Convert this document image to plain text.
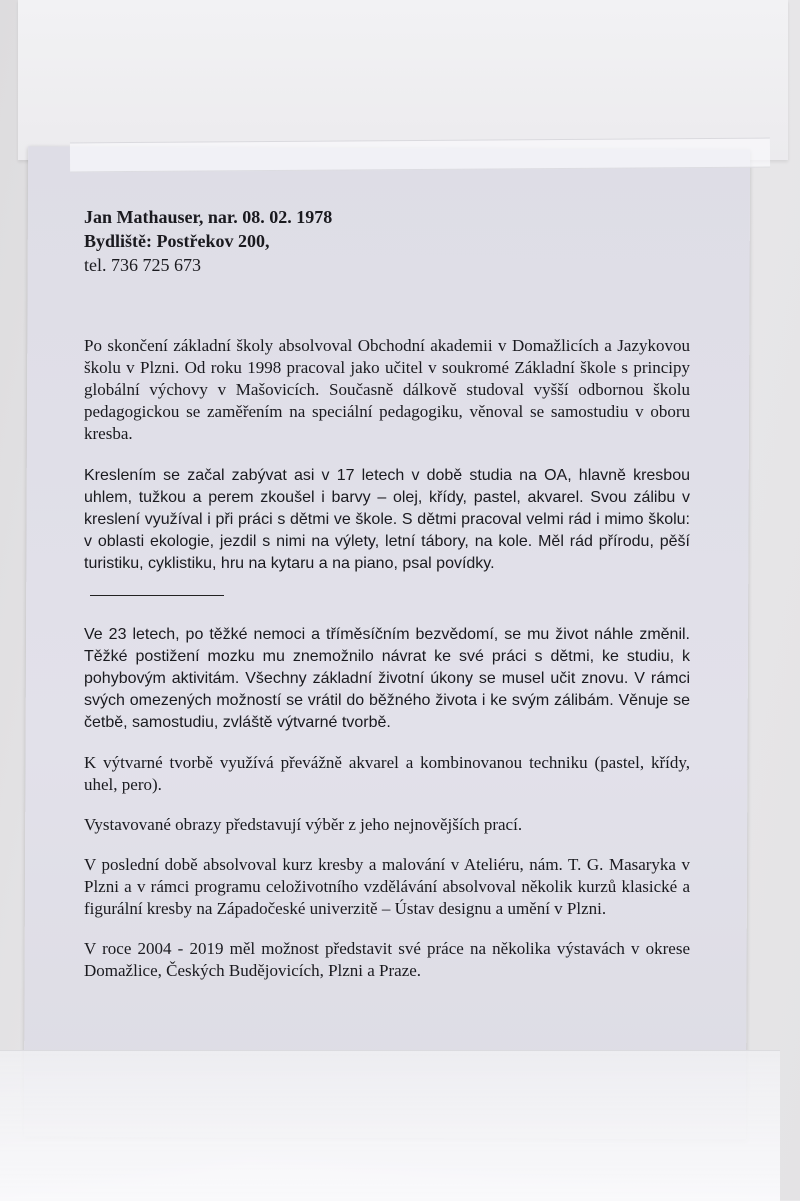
Jan Mathauser, nar. 08. 02. 1978
Bydliště: Postřekov 200,
tel. 736 725 673

Po skončení základní školy absolvoval Obchodní akademii v Domažlicích a Jazykovou školu v Plzni. Od roku 1998 pracoval jako učitel v soukromé Základní škole s principy globální výchovy v Mašovicích. Současně dálkově studoval vyšší odbornou školu pedagogickou se zaměřením na speciální pedagogiku, věnoval se samostudiu v oboru kresba.

Kreslením se začal zabývat asi v 17 letech v době studia na OA, hlavně kresbou uhlem, tužkou a perem zkoušel i barvy – olej, křídy, pastel, akvarel. Svou zálibu v kreslení využíval i při práci s dětmi ve škole. S dětmi pracoval velmi rád i mimo školu: v oblasti ekologie, jezdil s nimi na výlety, letní tábory, na kole. Měl rád přírodu, pěší turistiku, cyklistiku, hru na kytaru a na piano, psal povídky.

Ve 23 letech, po těžké nemoci a tříměsíčním bezvědomí, se mu život náhle změnil. Těžké postižení mozku mu znemožnilo návrat ke své práci s dětmi, ke studiu, k pohybovým aktivitám. Všechny základní životní úkony se musel učit znovu. V rámci svých omezených možností se vrátil do běžného života i ke svým zálibám. Věnuje se četbě, samostudiu, zvláště výtvarné tvorbě.

K výtvarné tvorbě využívá převážně akvarel a kombinovanou techniku (pastel, křídy, uhel, pero).

Vystavované obrazy představují výběr z jeho nejnovějších prací.

V poslední době absolvoval kurz kresby a malování v Ateliéru, nám. T. G. Masaryka v Plzni a v rámci programu celoživotního vzdělávání absolvoval několik kurzů klasické a figurální kresby na Západočeské univerzitě – Ústav designu a umění v Plzni.

V roce 2004 - 2019 měl možnost představit své práce na několika výstavách v okrese Domažlice, Českých Budějovicích, Plzni a Praze.
